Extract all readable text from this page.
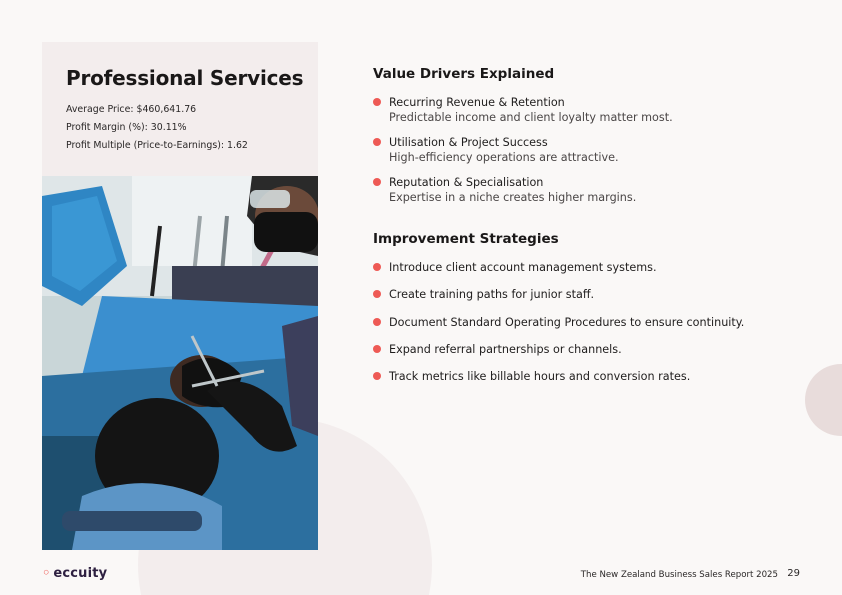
Professional Services
Average Price: $460,641.76
Profit Margin (%): 30.11%
Profit Multiple (Price-to-Earnings): 1.62
Value Drivers Explained
Recurring Revenue & Retention
Predictable income and client loyalty matter most.
Utilisation & Project Success
High-efficiency operations are attractive.
Reputation & Specialisation
Expertise in a niche creates higher margins.
Improvement Strategies
Introduce client account management systems.
Create training paths for junior staff.
Document Standard Operating Procedures to ensure continuity.
Expand referral partnerships or channels.
Track metrics like billable hours and conversion rates.
◦ eccuity	The New Zealand Business Sales Report 2025 29
